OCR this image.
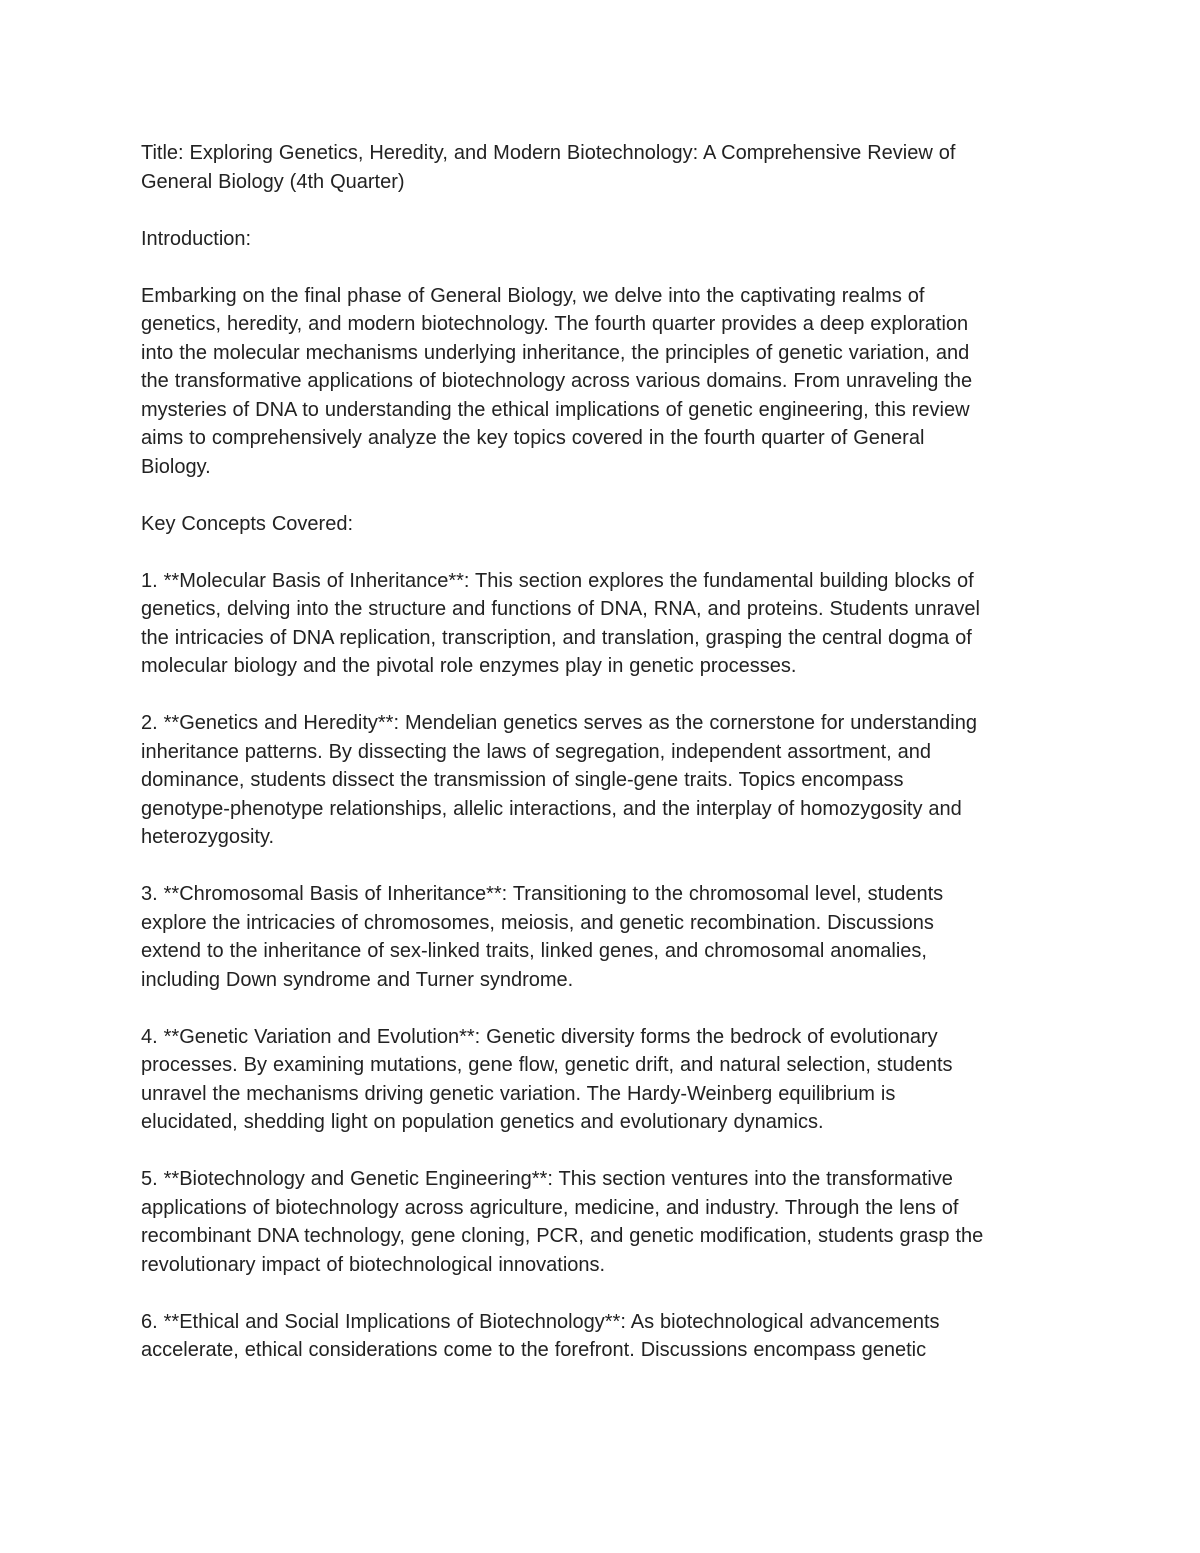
Title: Exploring Genetics, Heredity, and Modern Biotechnology: A Comprehensive Review of
General Biology (4th Quarter)

Introduction:

Embarking on the final phase of General Biology, we delve into the captivating realms of
genetics, heredity, and modern biotechnology. The fourth quarter provides a deep exploration
into the molecular mechanisms underlying inheritance, the principles of genetic variation, and
the transformative applications of biotechnology across various domains. From unraveling the
mysteries of DNA to understanding the ethical implications of genetic engineering, this review
aims to comprehensively analyze the key topics covered in the fourth quarter of General
Biology.

Key Concepts Covered:

1. **Molecular Basis of Inheritance**: This section explores the fundamental building blocks of
genetics, delving into the structure and functions of DNA, RNA, and proteins. Students unravel
the intricacies of DNA replication, transcription, and translation, grasping the central dogma of
molecular biology and the pivotal role enzymes play in genetic processes.

2. **Genetics and Heredity**: Mendelian genetics serves as the cornerstone for understanding
inheritance patterns. By dissecting the laws of segregation, independent assortment, and
dominance, students dissect the transmission of single-gene traits. Topics encompass
genotype-phenotype relationships, allelic interactions, and the interplay of homozygosity and
heterozygosity.

3. **Chromosomal Basis of Inheritance**: Transitioning to the chromosomal level, students
explore the intricacies of chromosomes, meiosis, and genetic recombination. Discussions
extend to the inheritance of sex-linked traits, linked genes, and chromosomal anomalies,
including Down syndrome and Turner syndrome.

4. **Genetic Variation and Evolution**: Genetic diversity forms the bedrock of evolutionary
processes. By examining mutations, gene flow, genetic drift, and natural selection, students
unravel the mechanisms driving genetic variation. The Hardy-Weinberg equilibrium is
elucidated, shedding light on population genetics and evolutionary dynamics.

5. **Biotechnology and Genetic Engineering**: This section ventures into the transformative
applications of biotechnology across agriculture, medicine, and industry. Through the lens of
recombinant DNA technology, gene cloning, PCR, and genetic modification, students grasp the
revolutionary impact of biotechnological innovations.

6. **Ethical and Social Implications of Biotechnology**: As biotechnological advancements
accelerate, ethical considerations come to the forefront. Discussions encompass genetic
